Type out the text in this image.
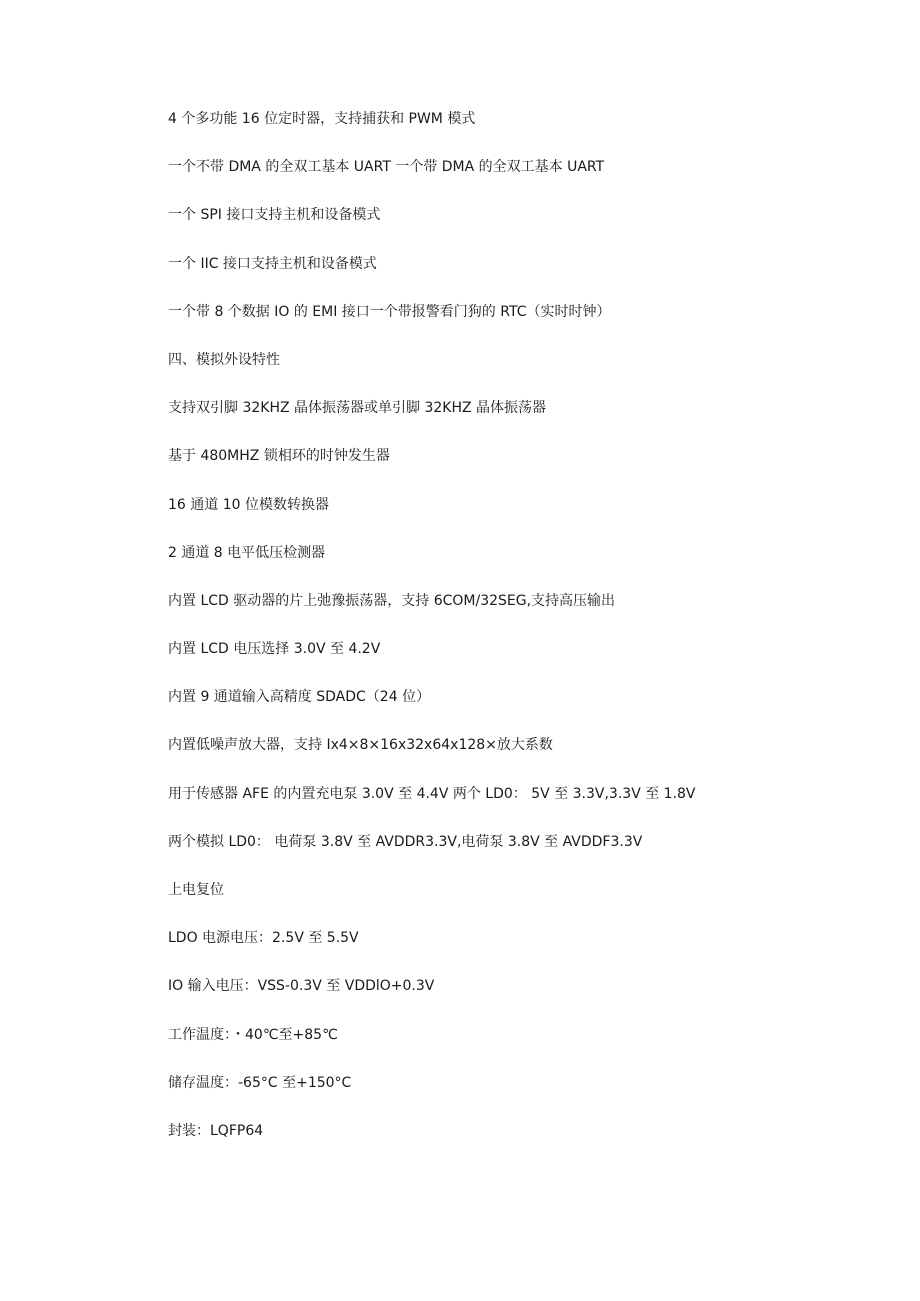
4 个多功能 16 位定时器，支持捕获和 PWM 模式
一个不带 DMA 的全双工基本 UART 一个带 DMA 的全双工基本 UART
一个 SPI 接口支持主机和设备模式
一个 IIC 接口支持主机和设备模式
一个带 8 个数据 IO 的 EMI 接口一个带报警看门狗的 RTC（实时时钟）
四、模拟外设特性
支持双引脚 32KHZ 晶体振荡器或单引脚 32KHZ 晶体振荡器
基于 480MHZ 锁相环的时钟发生器
16 通道 10 位模数转换器
2 通道 8 电平低压检测器
内置 LCD 驱动器的片上弛豫振荡器，支持 6COM/32SEG,支持高压输出
内置 LCD 电压选择 3.0V 至 4.2V
内置 9 通道输入高精度 SDADC（24 位）
内置低噪声放大器，支持 Ix4×8×16x32x64x128×放大系数
用于传感器 AFE 的内置充电泵 3.0V 至 4.4V 两个 LD0： 5V 至 3.3V,3.3V 至 1.8V
两个模拟 LD0： 电荷泵 3.8V 至 AVDDR3.3V,电荷泵 3.8V 至 AVDDF3.3V
上电复位
LDO 电源电压：2.5V 至 5.5V
IO 输入电压：VSS-0.3V 至 VDDlO+0.3V
工作温度：・40℃至+85℃
储存温度：-65°C 至+150°C
封装：LQFP64
